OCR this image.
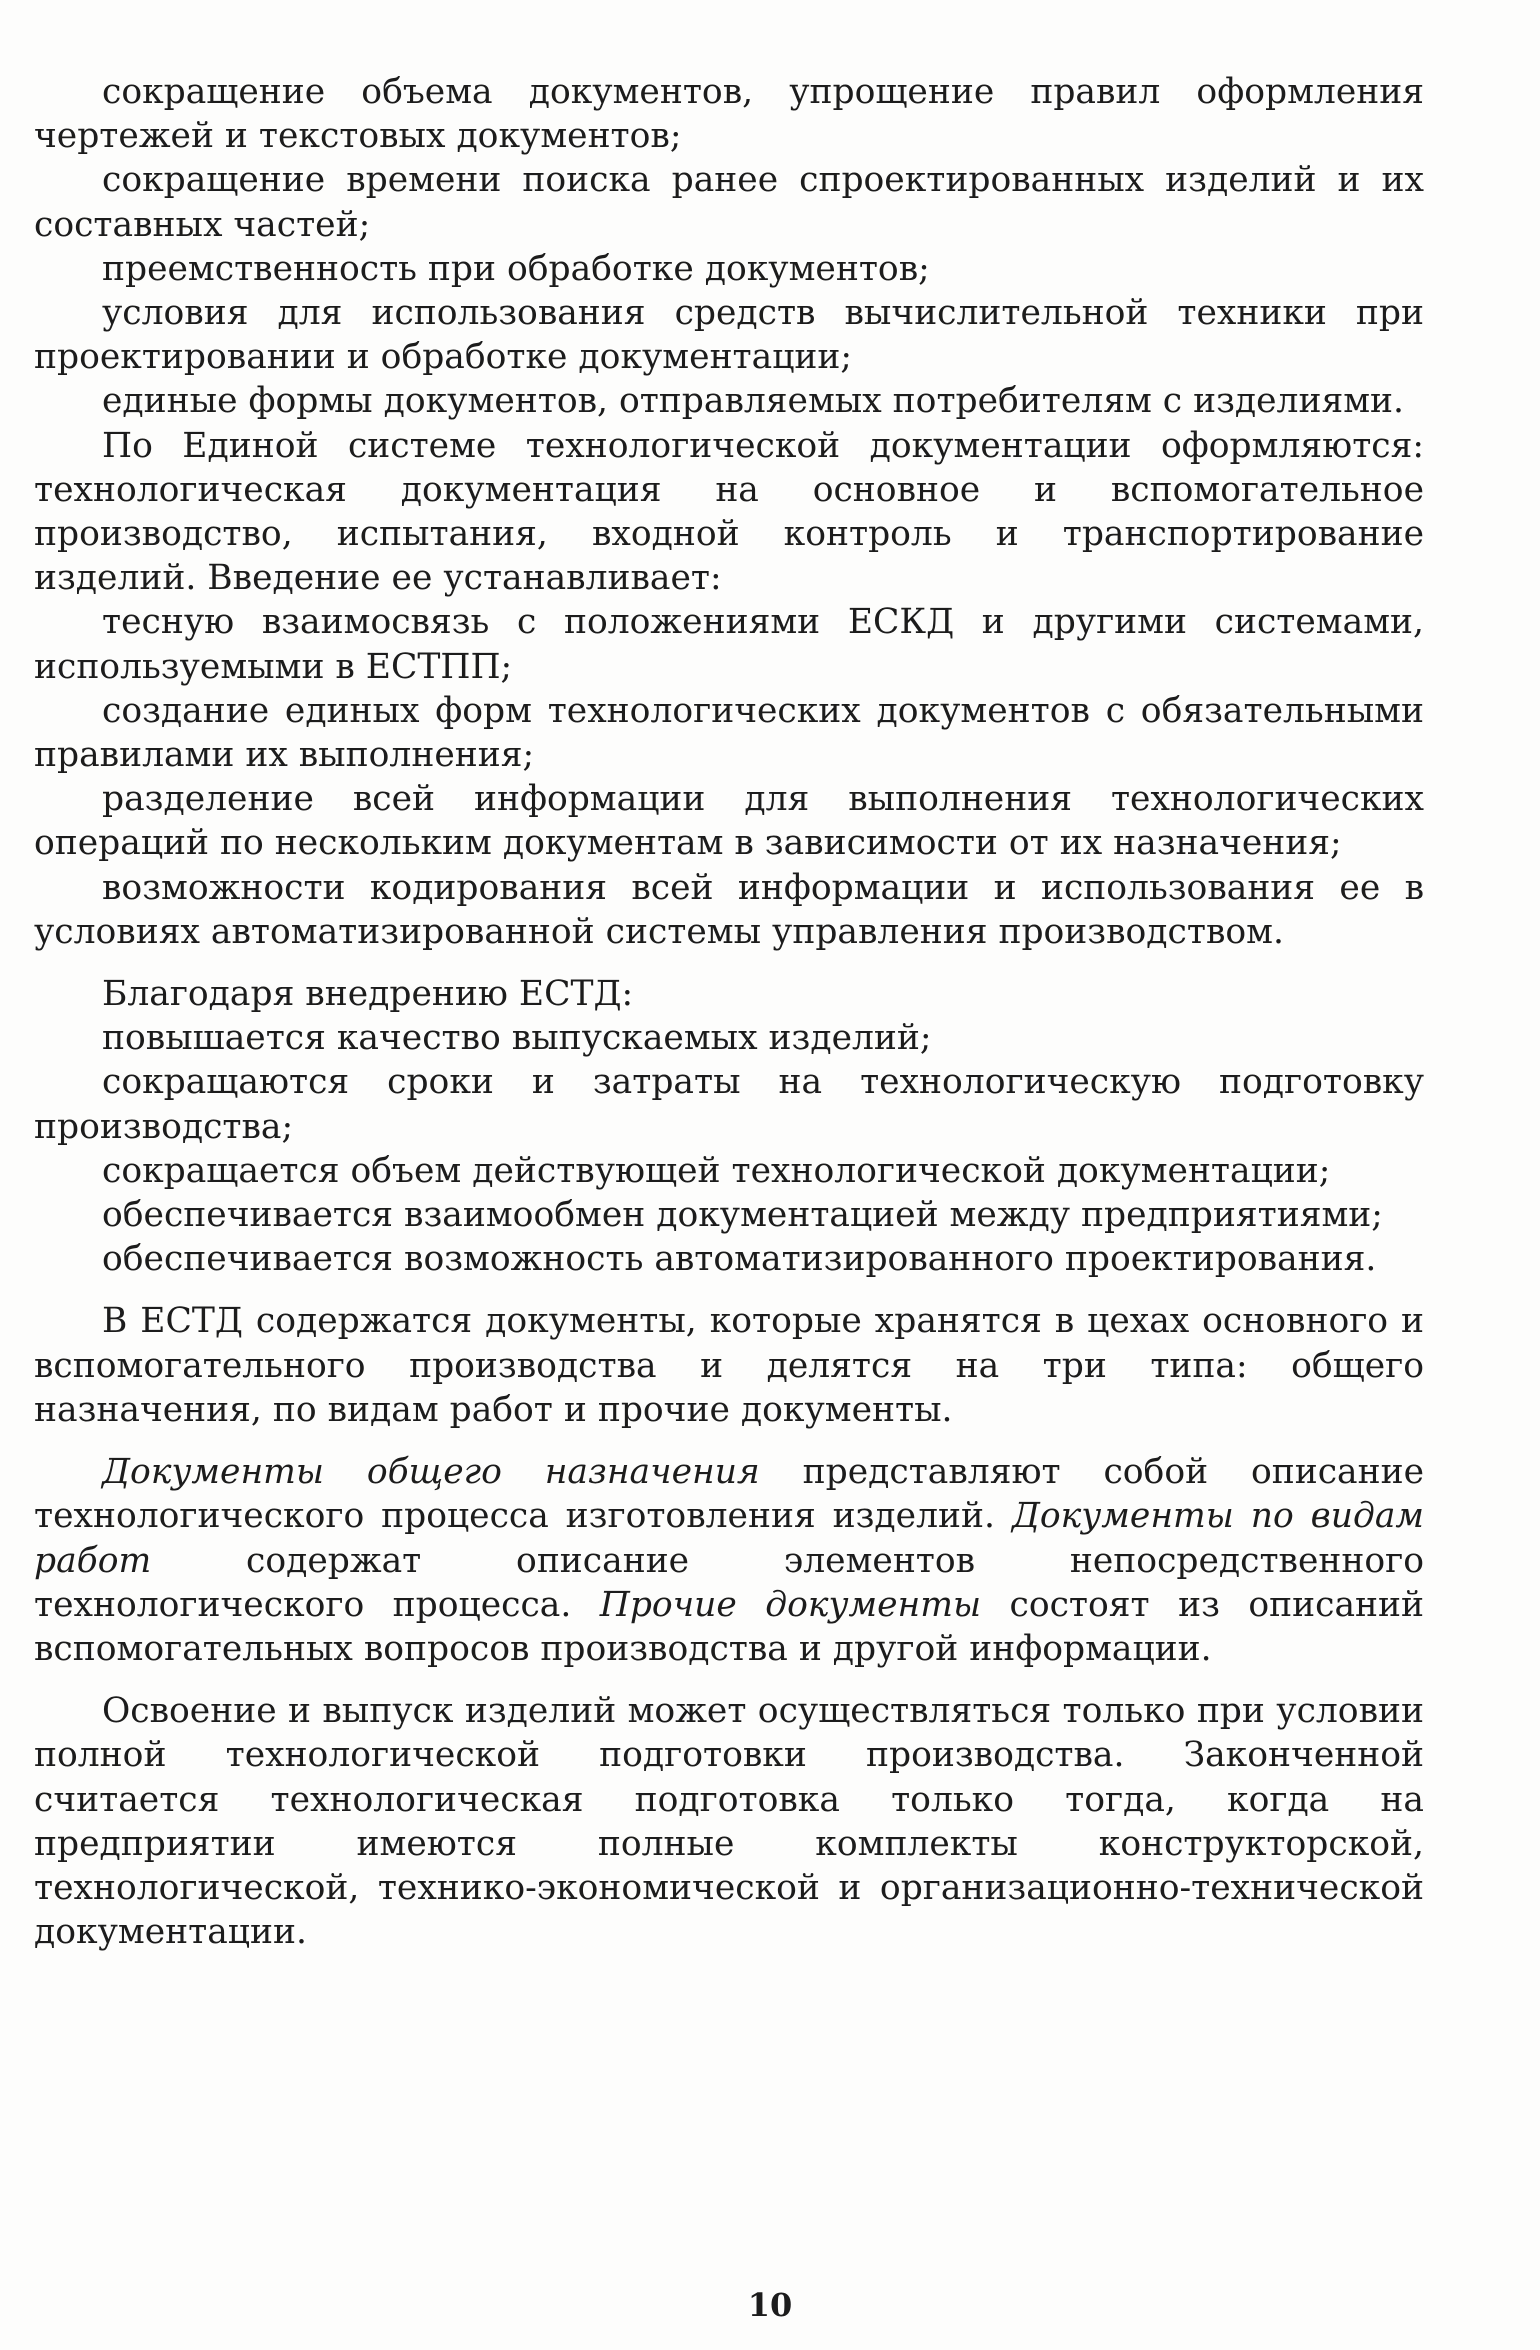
сокращение объема документов, упрощение правил оформления чертежей и текстовых документов;

сокращение времени поиска ранее спроектированных изделий и их составных частей;

преемственность при обработке документов;

условия для использования средств вычислительной техники при проектировании и обработке документации;

единые формы документов, отправляемых потребителям с изделиями.

По Единой системе технологической документации оформляются: технологическая документация на основное и вспомогательное производство, испытания, входной контроль и транспортирование изделий. Введение ее устанавливает:

тесную взаимосвязь с положениями ЕСКД и другими системами, используемыми в ЕСТПП;

создание единых форм технологических документов с обязательными правилами их выполнения;

разделение всей информации для выполнения технологических операций по нескольким документам в зависимости от их назначения;

возможности кодирования всей информации и использования ее в условиях автоматизированной системы управления производством.

Благодаря внедрению ЕСТД:

повышается качество выпускаемых изделий;

сокращаются сроки и затраты на технологическую подготовку производства;

сокращается объем действующей технологической документации;

обеспечивается взаимообмен документацией между предприятиями;

обеспечивается возможность автоматизированного проектирования.

В ЕСТД содержатся документы, которые хранятся в цехах основного и вспомогательного производства и делятся на три типа: общего назначения, по видам работ и прочие документы.

Документы общего назначения представляют собой описание технологического процесса изготовления изделий. Документы по видам работ содержат описание элементов непосредственного технологического процесса. Прочие документы состоят из описаний вспомогательных вопросов производства и другой информации.

Освоение и выпуск изделий может осуществляться только при условии полной технологической подготовки производства. Законченной считается технологическая подготовка только тогда, когда на предприятии имеются полные комплекты конструкторской, технологической, технико-экономической и организационно-технической документации.

10
